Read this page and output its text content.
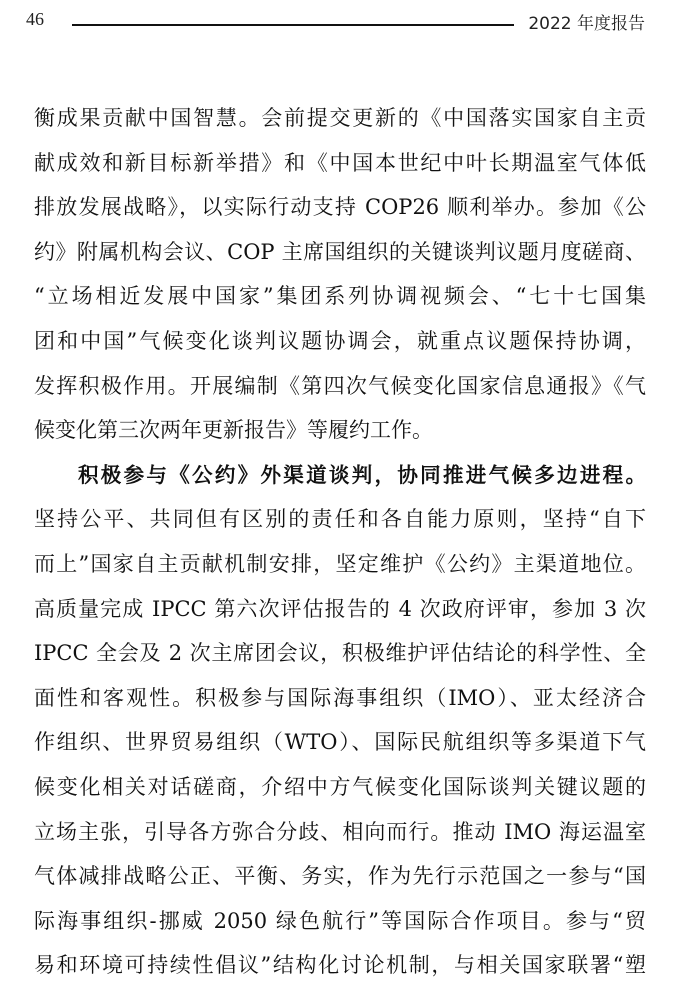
46	2022 年度报告
衡成果贡献中国智慧。会前提交更新的《中国落实国家自主贡
献成效和新目标新举措》和《中国本世纪中叶长期温室气体低
排放发展战略》，以实际行动支持 COP26 顺利举办。参加《公
约》附属机构会议、COP 主席国组织的关键谈判议题月度磋商、
“立场相近发展中国家”集团系列协调视频会、“七十七国集
团和中国”气候变化谈判议题协调会，就重点议题保持协调，
发挥积极作用。开展编制《第四次气候变化国家信息通报》《气
候变化第三次两年更新报告》等履约工作。
积极参与《公约》外渠道谈判，协同推进气候多边进程。
坚持公平、共同但有区别的责任和各自能力原则，坚持“自下
而上”国家自主贡献机制安排，坚定维护《公约》主渠道地位。
高质量完成 IPCC 第六次评估报告的 4 次政府评审，参加 3 次
IPCC 全会及 2 次主席团会议，积极维护评估结论的科学性、全
面性和客观性。积极参与国际海事组织（IMO）、亚太经济合
作组织、世界贸易组织（WTO）、国际民航组织等多渠道下气
候变化相关对话磋商，介绍中方气候变化国际谈判关键议题的
立场主张，引导各方弥合分歧、相向而行。推动 IMO 海运温室
气体减排战略公正、平衡、务实，作为先行示范国之一参与“国
际海事组织-挪威 2050 绿色航行”等国际合作项目。参与“贸
易和环境可持续性倡议”结构化讨论机制，与相关国家联署“塑
